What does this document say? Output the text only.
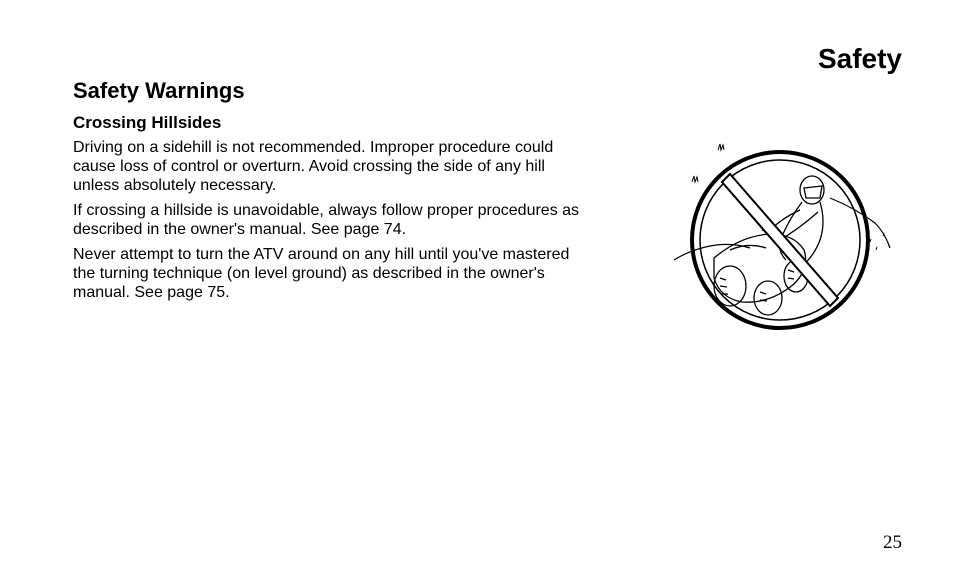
Safety
Safety Warnings
Crossing Hillsides

Driving on a sidehill is not recommended. Improper procedure could cause loss of control or overturn. Avoid crossing the side of any hill unless absolutely necessary.

If crossing a hillside is unavoidable, always follow proper procedures as described in the owner's manual. See page 74.

Never attempt to turn the ATV around on any hill until you've mastered the turning technique (on level ground) as described in the owner's manual. See page 75.

25
